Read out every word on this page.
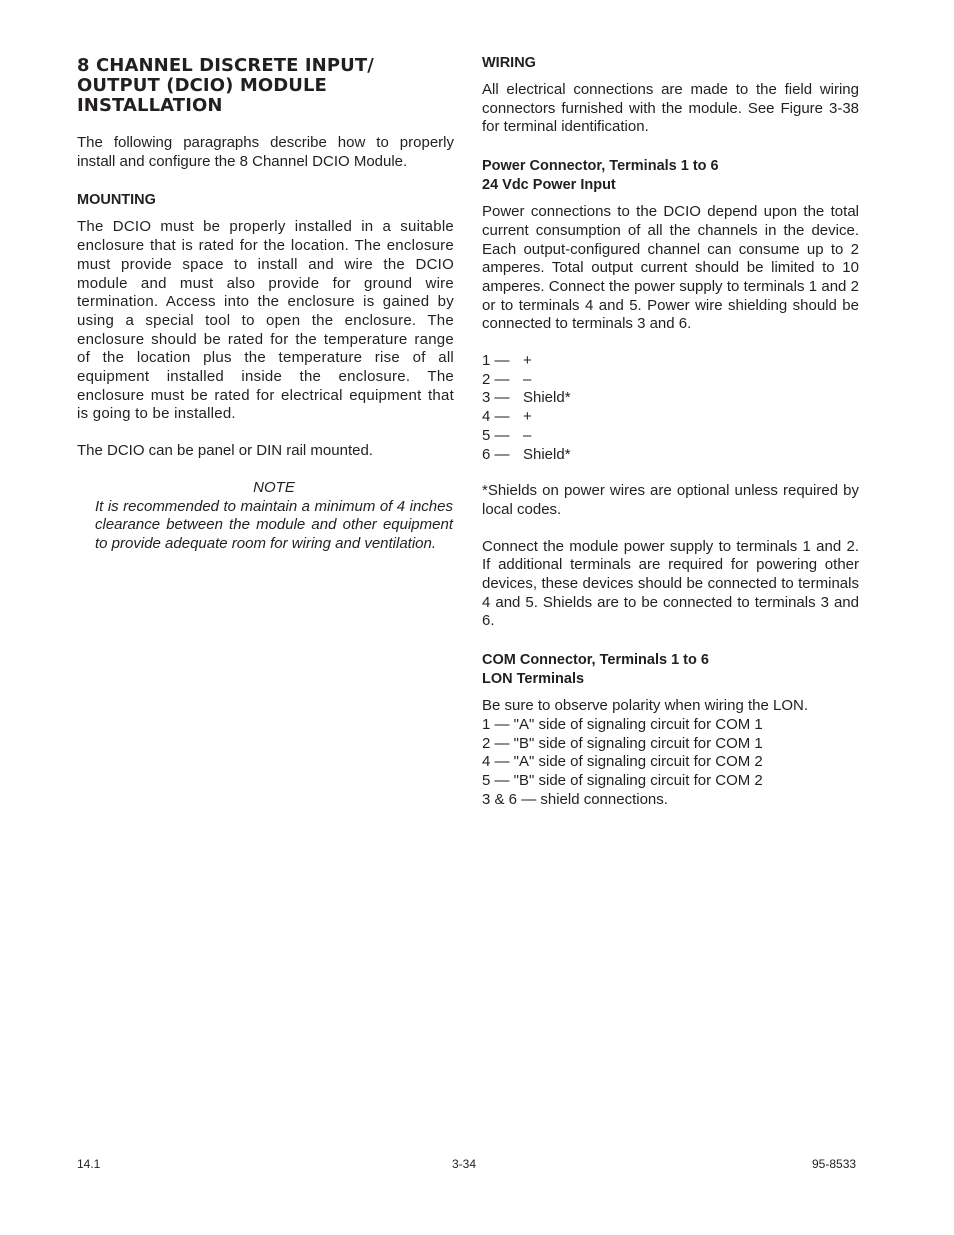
8 CHANNEL DISCRETE INPUT/
OUTPUT (DCIO) MODULE
INSTALLATION

The following paragraphs describe how to properly install and configure the 8 Channel DCIO Module.

MOUNTING

The DCIO must be properly installed in a suitable enclosure that is rated for the location. The enclosure must provide space to install and wire the DCIO module and must also provide for ground wire termination. Access into the enclosure is gained by using a special tool to open the enclosure. The enclosure should be rated for the temperature range of the location plus the temperature rise of all equipment installed inside the enclosure. The enclosure must be rated for electrical equipment that is going to be installed.

The DCIO can be panel or DIN rail mounted.

NOTE

It is recommended to maintain a minimum of 4 inches clearance between the module and other equipment to provide adequate room for wiring and ventilation.

WIRING

All electrical connections are made to the field wiring connectors furnished with the module. See Figure 3-38 for terminal identification.

Power Connector, Terminals 1 to 6
24 Vdc Power Input

Power connections to the DCIO depend upon the total current consumption of all the channels in the device. Each output-configured channel can consume up to 2 amperes. Total output current should be limited to 10 amperes. Connect the power supply to terminals 1 and 2 or to terminals 4 and 5. Power wire shielding should be connected to terminals 3 and 6.

1 — +
2 — –
3 — Shield*
4 — +
5 — –
6 — Shield*

*Shields on power wires are optional unless required by local codes.

Connect the module power supply to terminals 1 and 2. If additional terminals are required for powering other devices, these devices should be connected to terminals 4 and 5. Shields are to be connected to terminals 3 and 6.

COM Connector, Terminals 1 to 6
LON Terminals

Be sure to observe polarity when wiring the LON.

1 — "A" side of signaling circuit for COM 1

2 — "B" side of signaling circuit for COM 1

4 — "A" side of signaling circuit for COM 2

5 — "B" side of signaling circuit for COM 2

3 & 6 — shield connections.

14.1	3-34	95-8533
